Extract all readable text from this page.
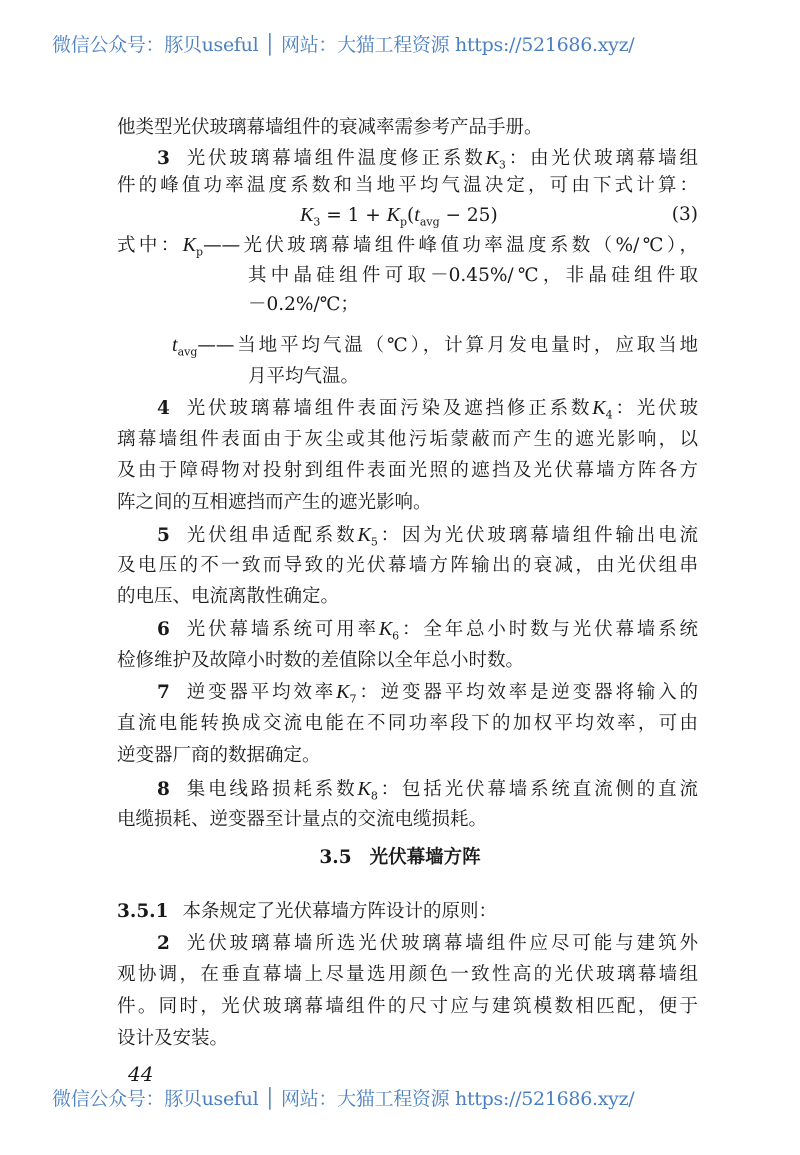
微信公众号：豚贝useful │ 网站：大猫工程资源 https://521686.xyz/
他类型光伏玻璃幕墙组件的衰减率需参考产品手册。
3 光伏玻璃幕墙组件温度修正系数$K_3$：由光伏玻璃幕墙组
件的峰值功率温度系数和当地平均气温决定，可由下式计算：
$K_3 = 1 + K_p(t_{avg} - 25)$	(3)
式中：$K_p——$光伏玻璃幕墙组件峰值功率温度系数（%/℃），
其中晶硅组件可取－0.45%/℃，非晶硅组件取
－0.2%/℃；
$t_{avg}——$当地平均气温（℃），计算月发电量时，应取当地
月平均气温。
4 光伏玻璃幕墙组件表面污染及遮挡修正系数$K_4$：光伏玻
璃幕墙组件表面由于灰尘或其他污垢蒙蔽而产生的遮光影响，以
及由于障碍物对投射到组件表面光照的遮挡及光伏幕墙方阵各方
阵之间的互相遮挡而产生的遮光影响。
5 光伏组串适配系数$K_5$：因为光伏玻璃幕墙组件输出电流
及电压的不一致而导致的光伏幕墙方阵输出的衰减，由光伏组串
的电压、电流离散性确定。
6 光伏幕墙系统可用率$K_6$：全年总小时数与光伏幕墙系统
检修维护及故障小时数的差值除以全年总小时数。
7 逆变器平均效率$K_7$：逆变器平均效率是逆变器将输入的
直流电能转换成交流电能在不同功率段下的加权平均效率，可由
逆变器厂商的数据确定。
8 集电线路损耗系数$K_8$：包括光伏幕墙系统直流侧的直流
电缆损耗、逆变器至计量点的交流电缆损耗。
3.5 光伏幕墙方阵
3.5.1 本条规定了光伏幕墙方阵设计的原则：
2 光伏玻璃幕墙所选光伏玻璃幕墙组件应尽可能与建筑外
观协调，在垂直幕墙上尽量选用颜色一致性高的光伏玻璃幕墙组
件。同时，光伏玻璃幕墙组件的尺寸应与建筑模数相匹配，便于
设计及安装。
44
微信公众号：豚贝useful │ 网站：大猫工程资源 https://521686.xyz/
